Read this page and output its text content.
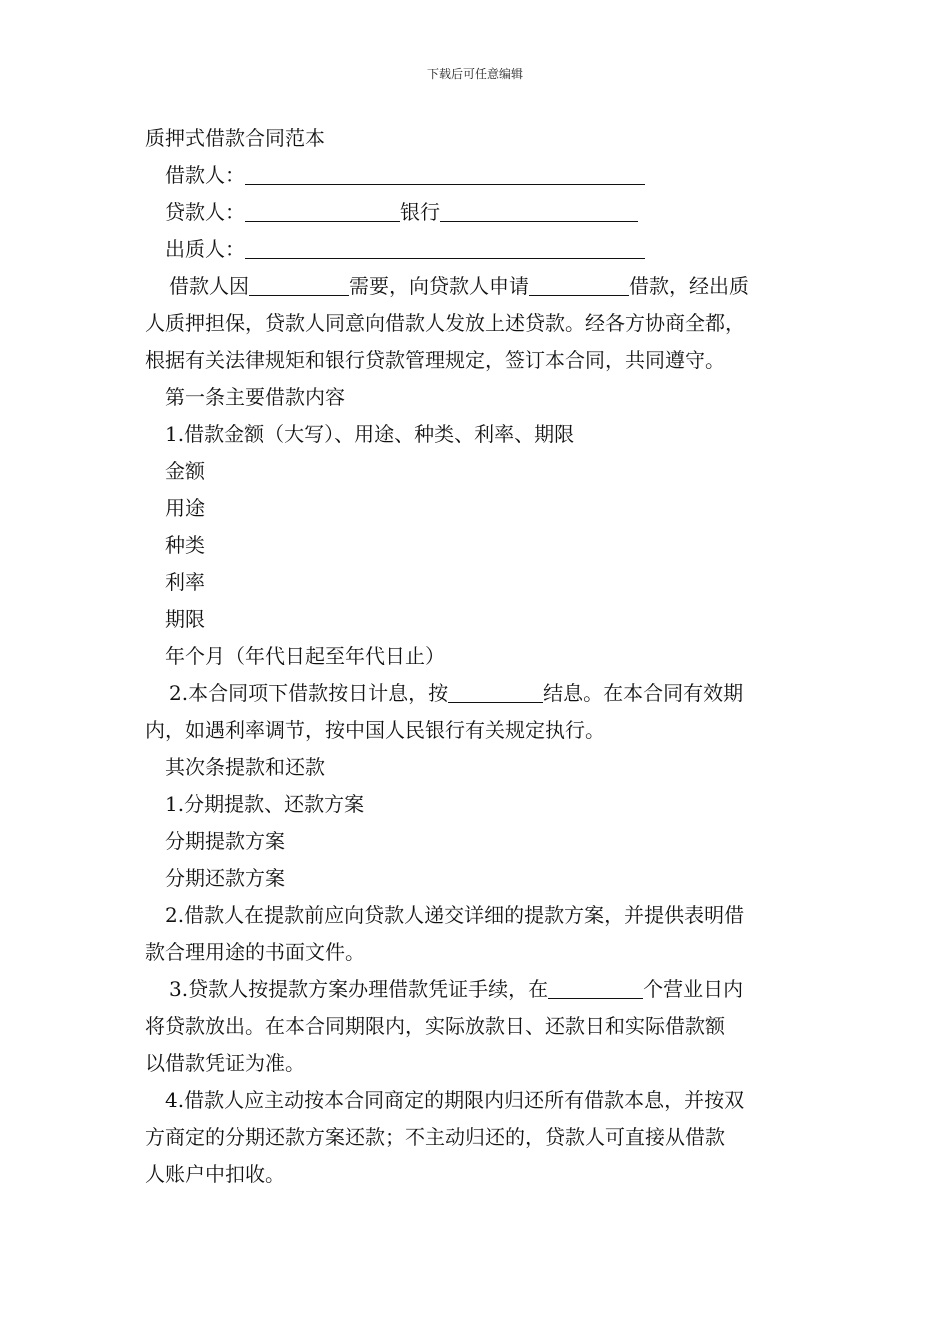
下载后可任意编辑
质押式借款合同范本
借款人：
贷款人：	银行
出质人：
借款人因	需要，向贷款人申请	借款，经出质
人质押担保，贷款人同意向借款人发放上述贷款。经各方协商全都，
根据有关法律规矩和银行贷款管理规定，签订本合同，共同遵守。
第一条主要借款内容
1.借款金额（大写）、用途、种类、利率、期限
金额
用途
种类
利率
期限
年个月（年代日起至年代日止）
2.本合同项下借款按日计息，按	结息。在本合同有效期
内，如遇利率调节，按中国人民银行有关规定执行。
其次条提款和还款
1.分期提款、还款方案
分期提款方案
分期还款方案
2.借款人在提款前应向贷款人递交详细的提款方案，并提供表明借
款合理用途的书面文件。
3.贷款人按提款方案办理借款凭证手续，在	个营业日内
将贷款放出。在本合同期限内，实际放款日、还款日和实际借款额
以借款凭证为准。
4.借款人应主动按本合同商定的期限内归还所有借款本息，并按双
方商定的分期还款方案还款；不主动归还的，贷款人可直接从借款
人账户中扣收。
